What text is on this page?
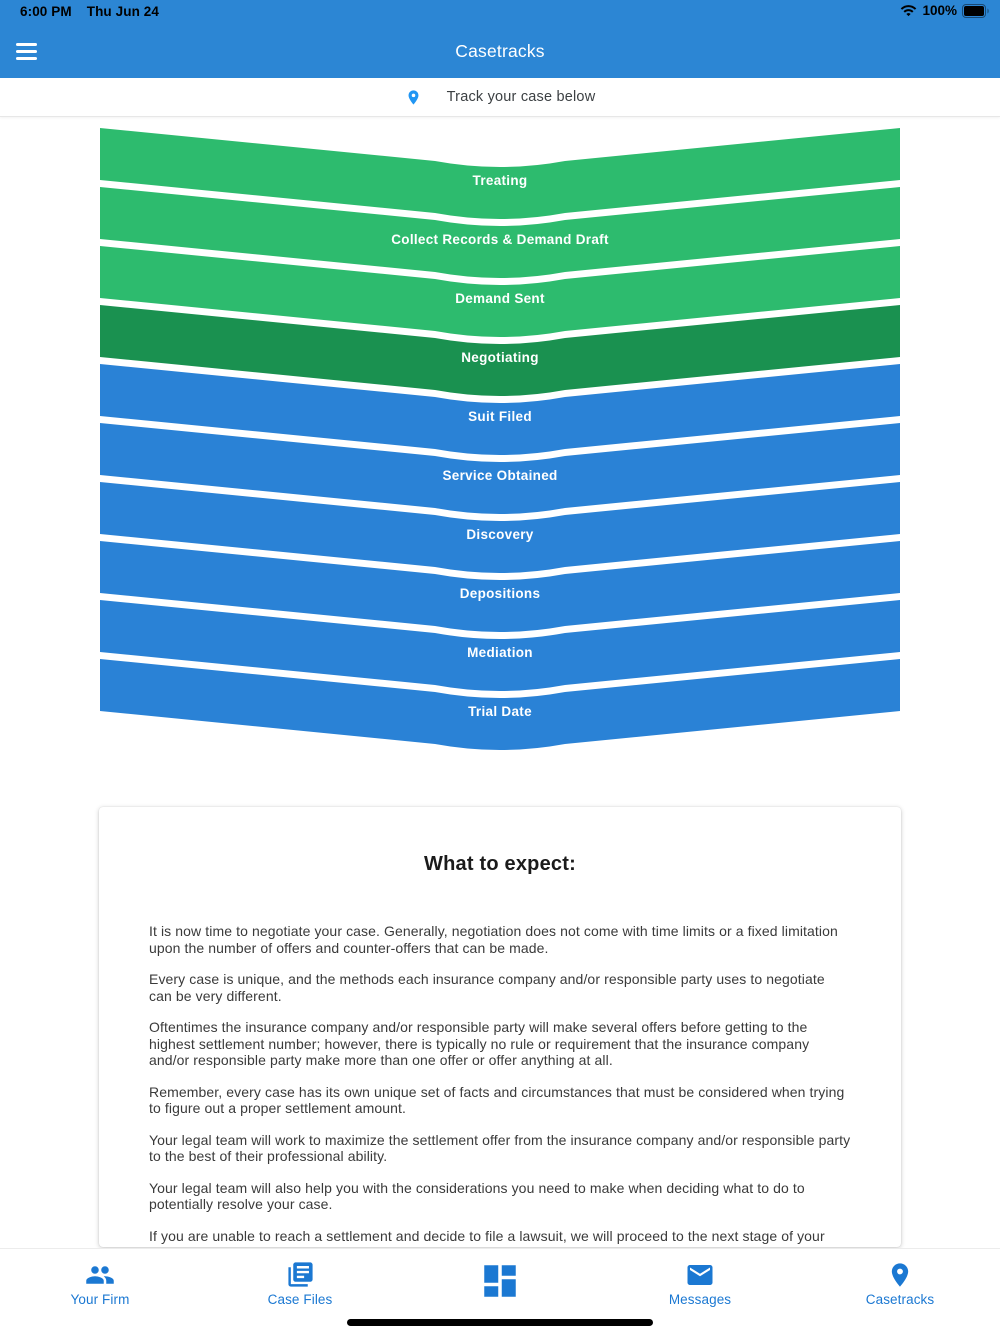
6:00 PM Thu Jun 24	100%
Casetracks
Track your case below
Treating
Collect Records & Demand Draft
Demand Sent
Negotiating
Suit Filed
Service Obtained
Discovery
Depositions
Mediation
Trial Date
What to expect:

It is now time to negotiate your case. Generally, negotiation does not come with time limits or a fixed limitation upon the number of offers and counter-offers that can be made.

Every case is unique, and the methods each insurance company and/or responsible party uses to negotiate can be very different.

Oftentimes the insurance company and/or responsible party will make several offers before getting to the highest settlement number; however, there is typically no rule or requirement that the insurance company and/or responsible party make more than one offer or offer anything at all.

Remember, every case has its own unique set of facts and circumstances that must be considered when trying to figure out a proper settlement amount.

Your legal team will work to maximize the settlement offer from the insurance company and/or responsible party to the best of their professional ability.

Your legal team will also help you with the considerations you need to make when deciding what to do to potentially resolve your case.

If you are unable to reach a settlement and decide to file a lawsuit, we will proceed to the next stage of your

Your Firm	Case Files	Messages	Casetracks
